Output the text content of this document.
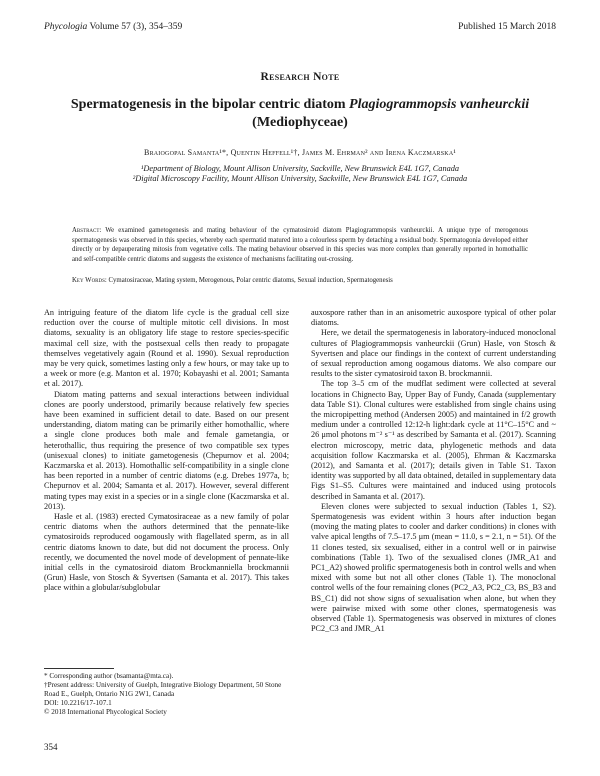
Phycologia Volume 57 (3), 354–359	Published 15 March 2018
Research Note
Spermatogenesis in the bipolar centric diatom Plagiogrammopsis vanheurckii
(Mediophyceae)
Braiogopal Samanta¹*, Quentin Heffell¹†, James M. Ehrman² and Irena Kaczmarska¹
¹Department of Biology, Mount Allison University, Sackville, New Brunswick E4L 1G7, Canada
²Digital Microscopy Facility, Mount Allison University, Sackville, New Brunswick E4L 1G7, Canada
Abstract: We examined gametogenesis and mating behaviour of the cymatosiroid diatom Plagiogrammopsis vanheurckii. A unique type of merogenous spermatogenesis was observed in this species, whereby each spermatid matured into a colourless sperm by detaching a residual body. Spermatogonia developed either directly or by depauperating mitosis from vegetative cells. The mating behaviour observed in this species was more complex than generally reported in homothallic and self-compatible centric diatoms and suggests the existence of mechanisms facilitating out-crossing.
Key Words: Cymatosiraceae, Mating system, Merogenous, Polar centric diatoms, Sexual induction, Spermatogenesis

An intriguing feature of the diatom life cycle is the gradual cell size reduction over the course of multiple mitotic cell divisions. In most diatoms, sexuality is an obligatory life stage to restore species-specific maximal cell size, with the postsexual cells then ready to propagate themselves vegetatively again (Round et al. 1990). Sexual reproduction may be very quick, sometimes lasting only a few hours, or may take up to a week or more (e.g. Manton et al. 1970; Kobayashi et al. 2001; Samanta et al. 2017).

Diatom mating patterns and sexual interactions between individual clones are poorly understood, primarily because relatively few species have been examined in sufficient detail to date. Based on our present understanding, diatom mating can be primarily either homothallic, where a single clone produces both male and female gametangia, or heterothallic, thus requiring the presence of two compatible sex types (unisexual clones) to initiate gametogenesis (Chepurnov et al. 2004; Kaczmarska et al. 2013). Homothallic self-compatibility in a single clone has been reported in a number of centric diatoms (e.g. Drebes 1977a, b; Chepurnov et al. 2004; Samanta et al. 2017). However, several different mating types may exist in a species or in a single clone (Kaczmarska et al. 2013).

Hasle et al. (1983) erected Cymatosiraceae as a new family of polar centric diatoms when the authors determined that the pennate-like cymatosiroids reproduced oogamously with flagellated sperm, as in all centric diatoms known to date, but did not document the process. Only recently, we documented the novel mode of development of pennate-like initial cells in the cymatosiroid diatom Brockmanniella brockmannii (Grun) Hasle, von Stosch & Syvertsen (Samanta et al. 2017). This takes place within a globular/subglobular

auxospore rather than in an anisometric auxospore typical of other polar diatoms.

Here, we detail the spermatogenesis in laboratory-induced monoclonal cultures of Plagiogrammopsis vanheurckii (Grun) Hasle, von Stosch & Syvertsen and place our findings in the context of current understanding of sexual reproduction among oogamous diatoms. We also compare our results to the sister cymatosiroid taxon B. brockmannii.

The top 3–5 cm of the mudflat sediment were collected at several locations in Chignecto Bay, Upper Bay of Fundy, Canada (supplementary data Table S1). Clonal cultures were established from single chains using the micropipetting method (Andersen 2005) and maintained in f/2 growth medium under a controlled 12:12-h light:dark cycle at 11°C–15°C and ~ 26 μmol photons m⁻² s⁻¹ as described by Samanta et al. (2017). Scanning electron microscopy, metric data, phylogenetic methods and data acquisition follow Kaczmarska et al. (2005), Ehrman & Kaczmarska (2012), and Samanta et al. (2017); details given in Table S1. Taxon identity was supported by all data obtained, detailed in supplementary data Figs S1–S5. Cultures were maintained and induced using protocols described in Samanta et al. (2017).

Eleven clones were subjected to sexual induction (Tables 1, S2). Spermatogenesis was evident within 3 hours after induction began (moving the mating plates to cooler and darker conditions) in clones with valve apical lengths of 7.5–17.5 μm (mean = 11.0, s = 2.1, n = 51). Of the 11 clones tested, six sexualised, either in a control well or in pairwise combinations (Table 1). Two of the sexualised clones (JMR_A1 and PC1_A2) showed prolific spermatogenesis both in control wells and when mixed with some but not all other clones (Table 1). The monoclonal control wells of the four remaining clones (PC2_A3, PC2_C3, BS_B3 and BS_C1) did not show signs of sexualisation when alone, but when they were pairwise mixed with some other clones, spermatogenesis was observed (Table 1). Spermatogenesis was observed in mixtures of clones PC2_C3 and JMR_A1

* Corresponding author (bsamanta@mta.ca).
†Present address: University of Guelph, Integrative Biology Department, 50 Stone Road E., Guelph, Ontario N1G 2W1, Canada
DOI: 10.2216/17-107.1
© 2018 International Phycological Society
354
